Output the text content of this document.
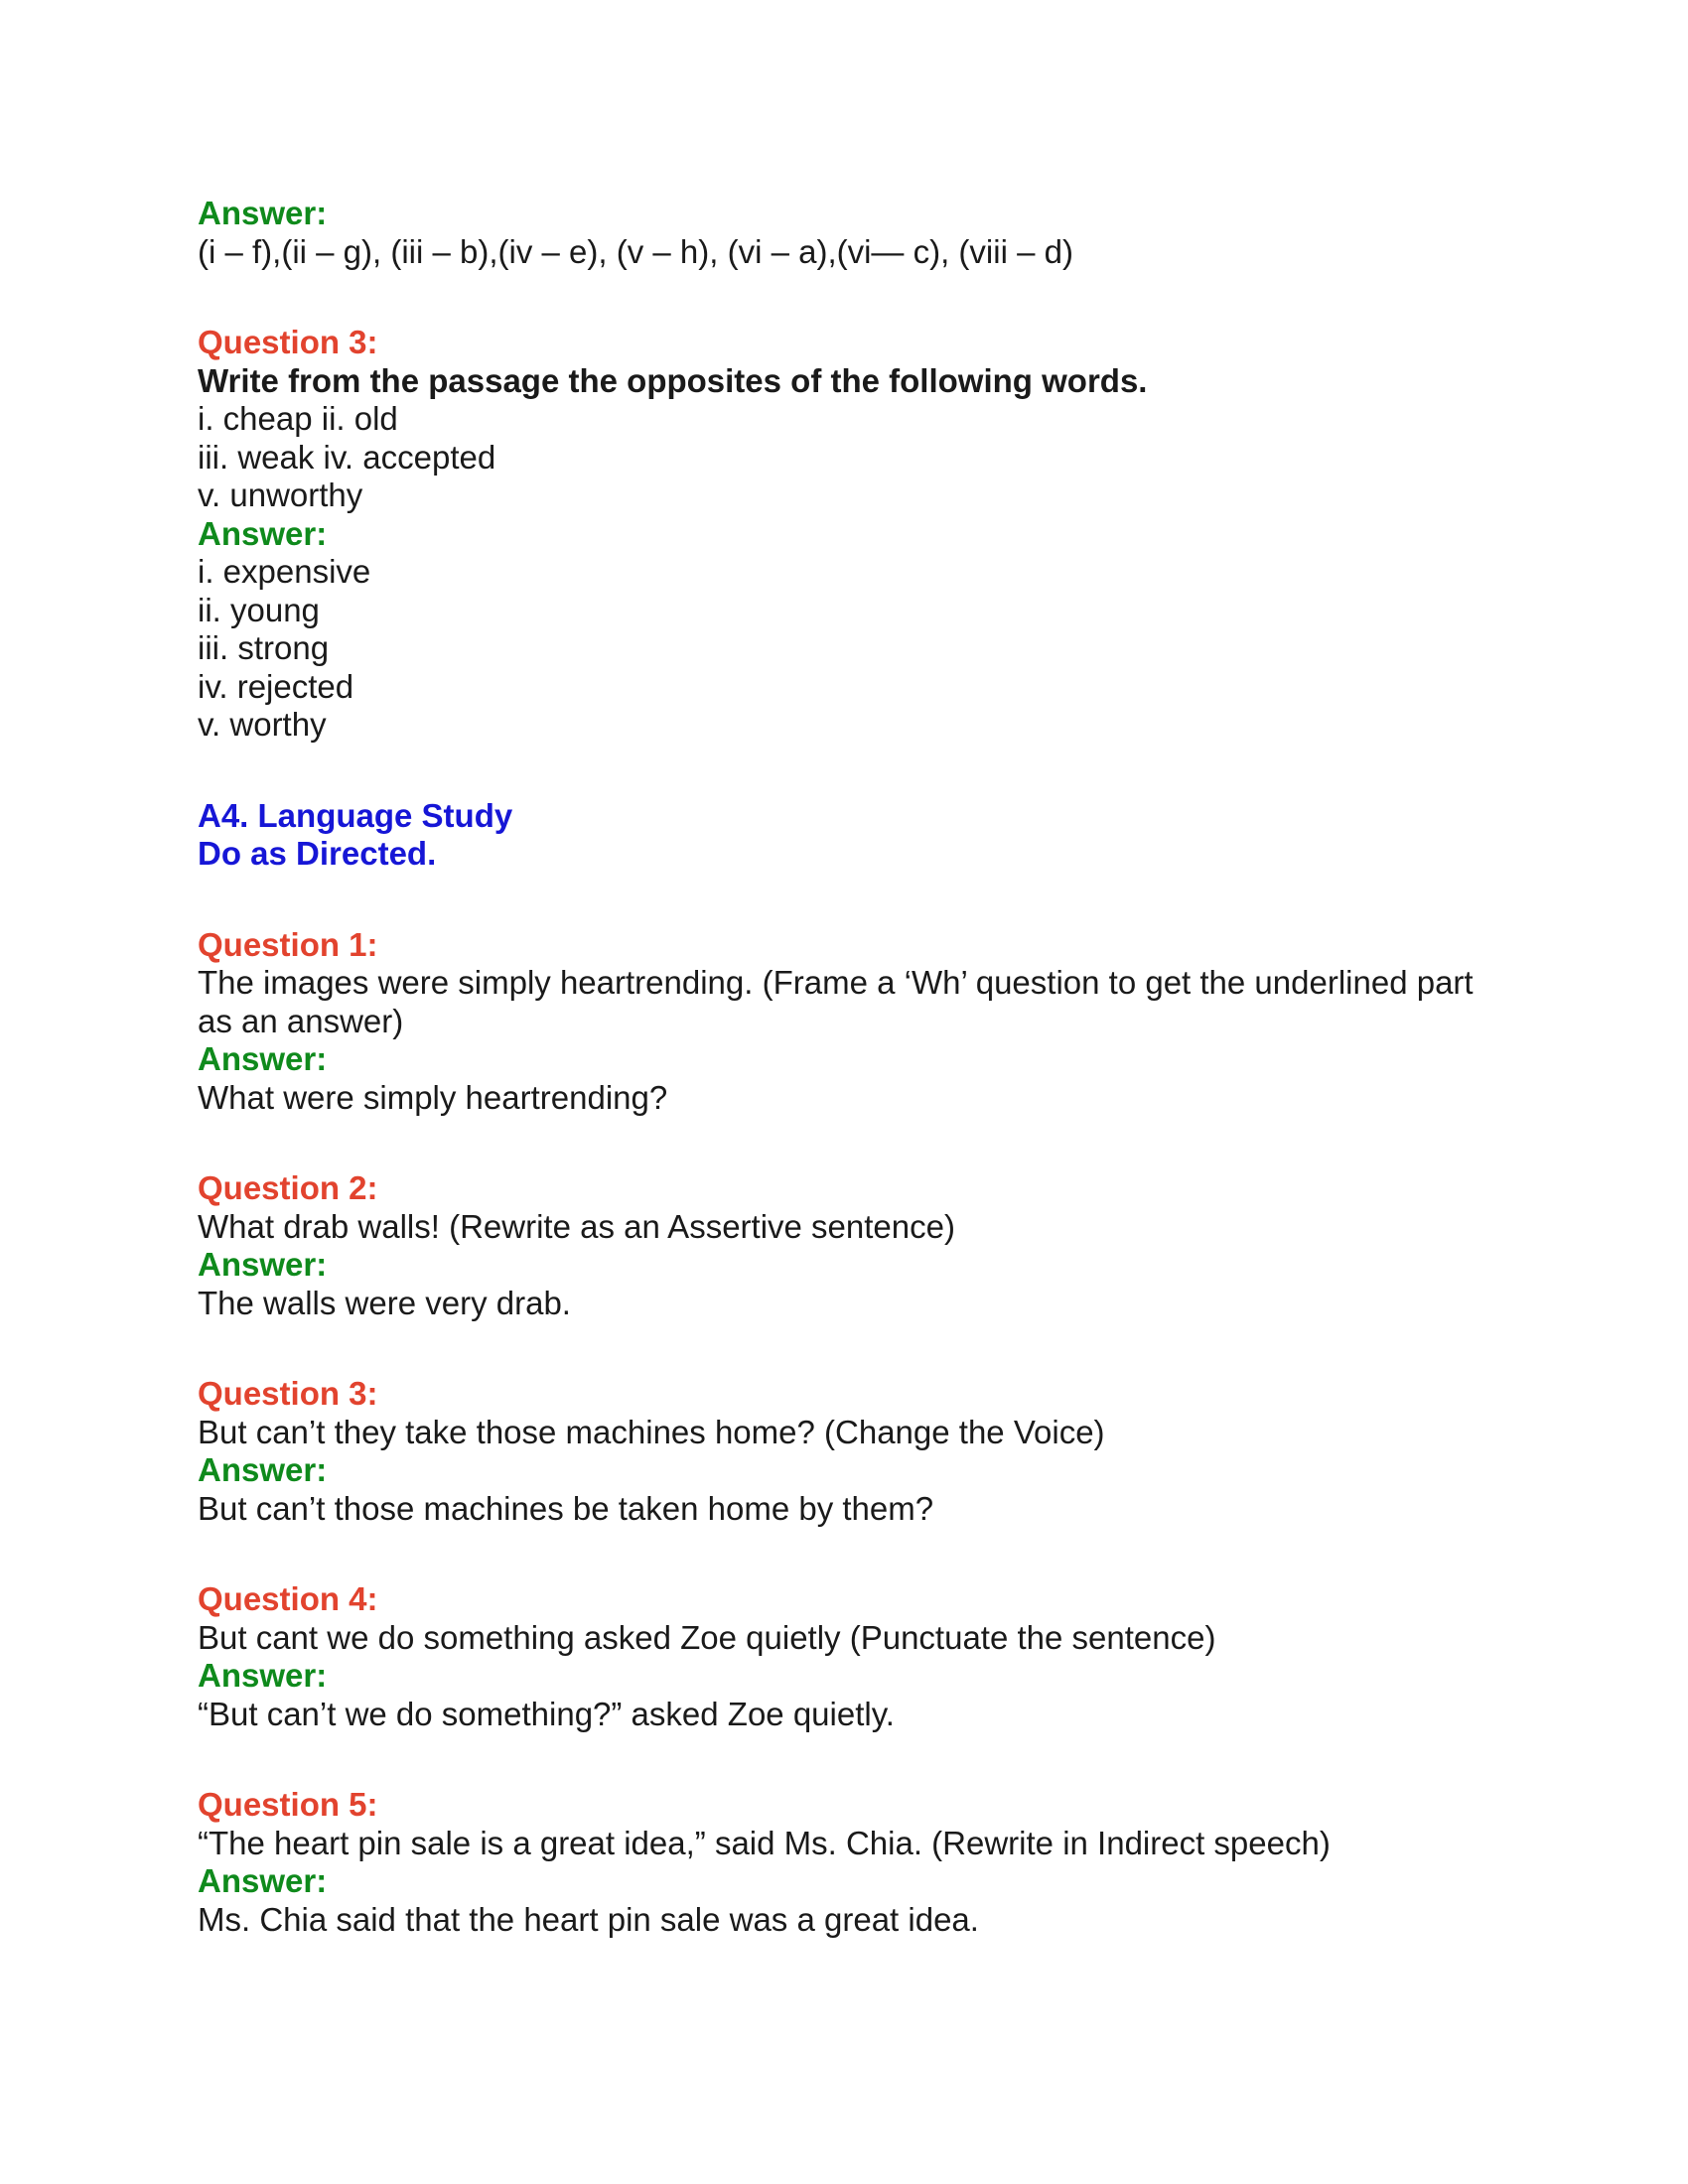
Answer:

(i – f),(ii – g), (iii – b),(iv – e), (v – h), (vi – a),(vi— c), (viii – d)

Question 3:

Write from the passage the opposites of the following words.

i. cheap ii. old

iii. weak iv. accepted

v. unworthy

Answer:

i. expensive

ii. young

iii. strong

iv. rejected

v. worthy

A4. Language Study

Do as Directed.

Question 1:

The images were simply heartrending. (Frame a ‘Wh’ question to get the underlined part as an answer)

Answer:

What were simply heartrending?

Question 2:

What drab walls! (Rewrite as an Assertive sentence)

Answer:

The walls were very drab.

Question 3:

But can’t they take those machines home? (Change the Voice)

Answer:

But can’t those machines be taken home by them?

Question 4:

But cant we do something asked Zoe quietly (Punctuate the sentence)

Answer:

“But can’t we do something?” asked Zoe quietly.

Question 5:

“The heart pin sale is a great idea,” said Ms. Chia. (Rewrite in Indirect speech)

Answer:

Ms. Chia said that the heart pin sale was a great idea.
